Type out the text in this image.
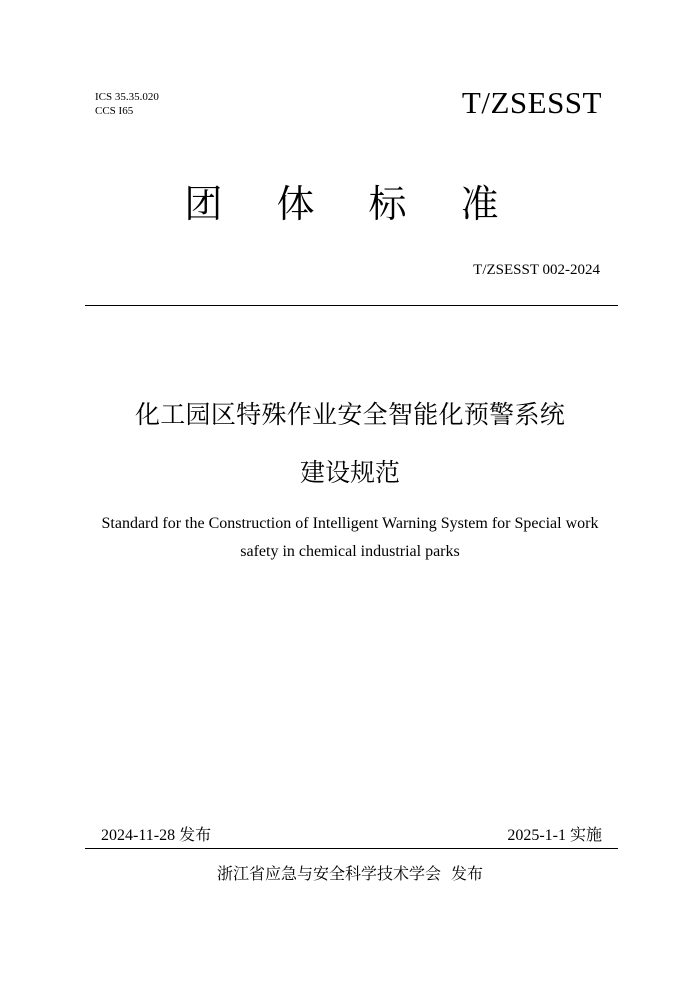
ICS 35.35.020
CCS I65	T/ZSESST
团 体 标 准
T/ZSESST 002-2024
化工园区特殊作业安全智能化预警系统
建设规范
Standard for the Construction of Intelligent Warning System for Special work
safety in chemical industrial parks
2024-11-28 发布	2025-1-1 实施
浙江省应急与安全科学技术学会 发布
